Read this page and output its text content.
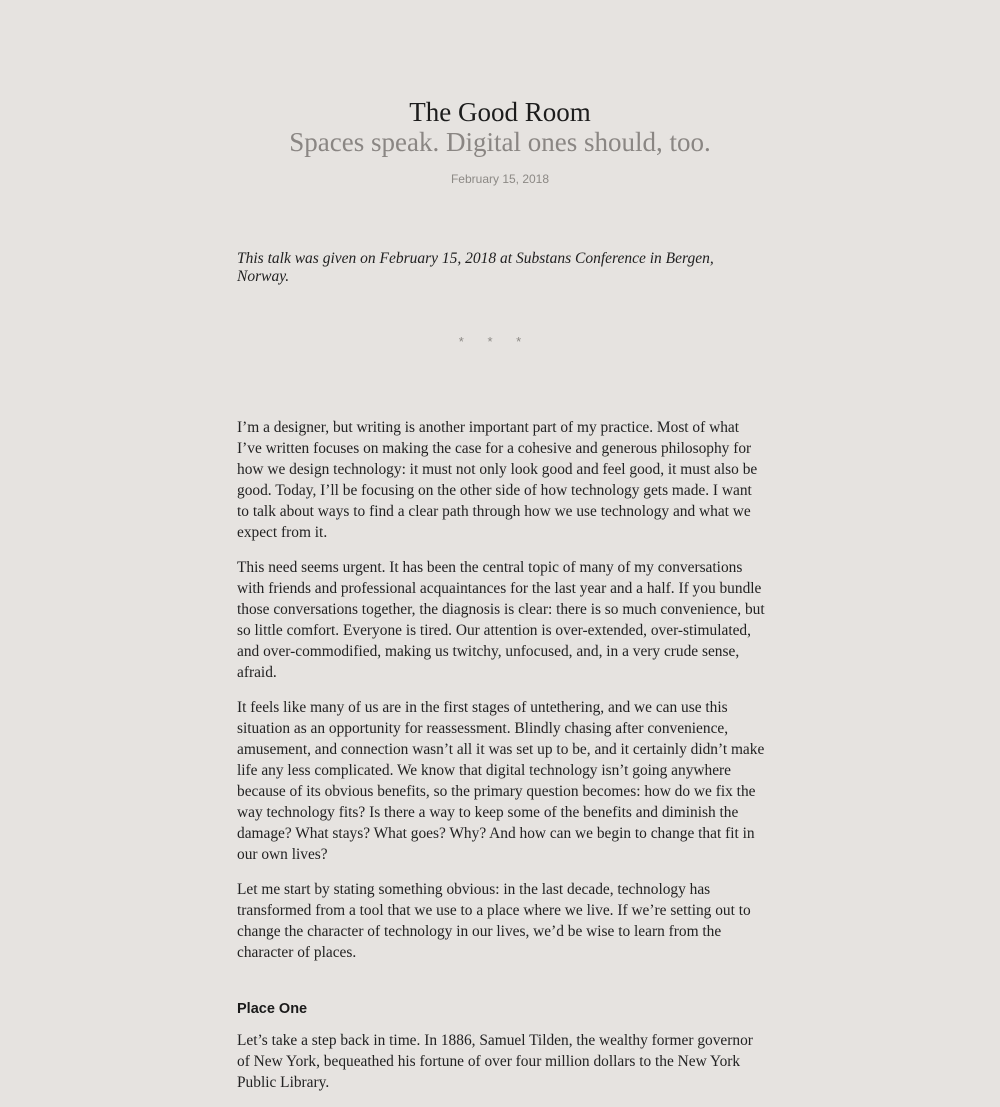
The Good Room
Spaces speak. Digital ones should, too.
February 15, 2018
This talk was given on February 15, 2018 at Substans Conference in Bergen, Norway.
* * *

I’m a designer, but writing is another important part of my practice. Most of what I’ve written focuses on making the case for a cohesive and generous philosophy for how we design technology: it must not only look good and feel good, it must also be good. Today, I’ll be focusing on the other side of how technology gets made. I want to talk about ways to find a clear path through how we use technology and what we expect from it.

This need seems urgent. It has been the central topic of many of my conversations with friends and professional acquaintances for the last year and a half. If you bundle those conversations together, the diagnosis is clear: there is so much convenience, but so little comfort. Everyone is tired. Our attention is over-extended, over-stimulated, and over-commodified, making us twitchy, unfocused, and, in a very crude sense, afraid.

It feels like many of us are in the first stages of untethering, and we can use this situation as an opportunity for reassessment. Blindly chasing after convenience, amusement, and connection wasn’t all it was set up to be, and it certainly didn’t make life any less complicated. We know that digital technology isn’t going anywhere because of its obvious benefits, so the primary question becomes: how do we fix the way technology fits? Is there a way to keep some of the benefits and diminish the damage? What stays? What goes? Why? And how can we begin to change that fit in our own lives?

Let me start by stating something obvious: in the last decade, technology has transformed from a tool that we use to a place where we live. If we’re setting out to change the character of technology in our lives, we’d be wise to learn from the character of places.

Place One

Let’s take a step back in time. In 1886, Samuel Tilden, the wealthy former governor of New York, bequeathed his fortune of over four million dollars to the New York Public Library.
